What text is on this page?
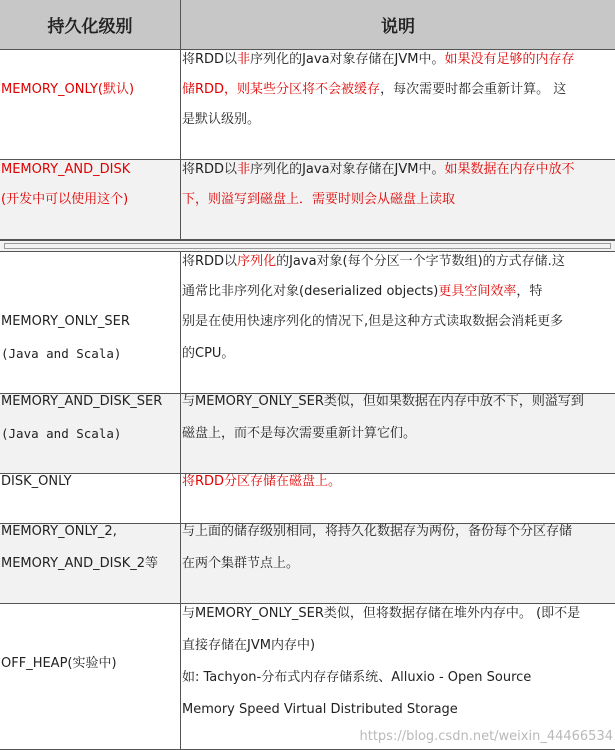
持久化级别	说明
MEMORY_ONLY(默认)
将RDD以非序列化的Java对象存储在JVM中。如果没有足够的内存存
储RDD，则某些分区将不会被缓存，每次需要时都会重新计算。 这
是默认级别。
MEMORY_AND_DISK
(开发中可以使用这个)
将RDD以非序列化的Java对象存储在JVM中。如果数据在内存中放不
下，则溢写到磁盘上．需要时则会从磁盘上读取
MEMORY_ONLY_SER
(Java and Scala)
将RDD以序列化的Java对象(每个分区一个字节数组)的方式存储.这
通常比非序列化对象(deserialized objects)更具空间效率，特
别是在使用快速序列化的情况下,但是这种方式读取数据会消耗更多
的CPU。
MEMORY_AND_DISK_SER
(Java and Scala)
与MEMORY_ONLY_SER类似，但如果数据在内存中放不下，则溢写到
磁盘上，而不是每次需要重新计算它们。
DISK_ONLY	将RDD分区存储在磁盘上。
MEMORY_ONLY_2,
MEMORY_AND_DISK_2等
与上面的储存级别相同，将持久化数据存为两份，备份每个分区存储
在两个集群节点上。
OFF_HEAP(实验中)
与MEMORY_ONLY_SER类似，但将数据存储在堆外内存中。 (即不是
直接存储在JVM内存中)
如: Tachyon-分布式内存存储系统、Alluxio - Open Source
Memory Speed Virtual Distributed Storage
https://blog.csdn.net/weixin_44466534
